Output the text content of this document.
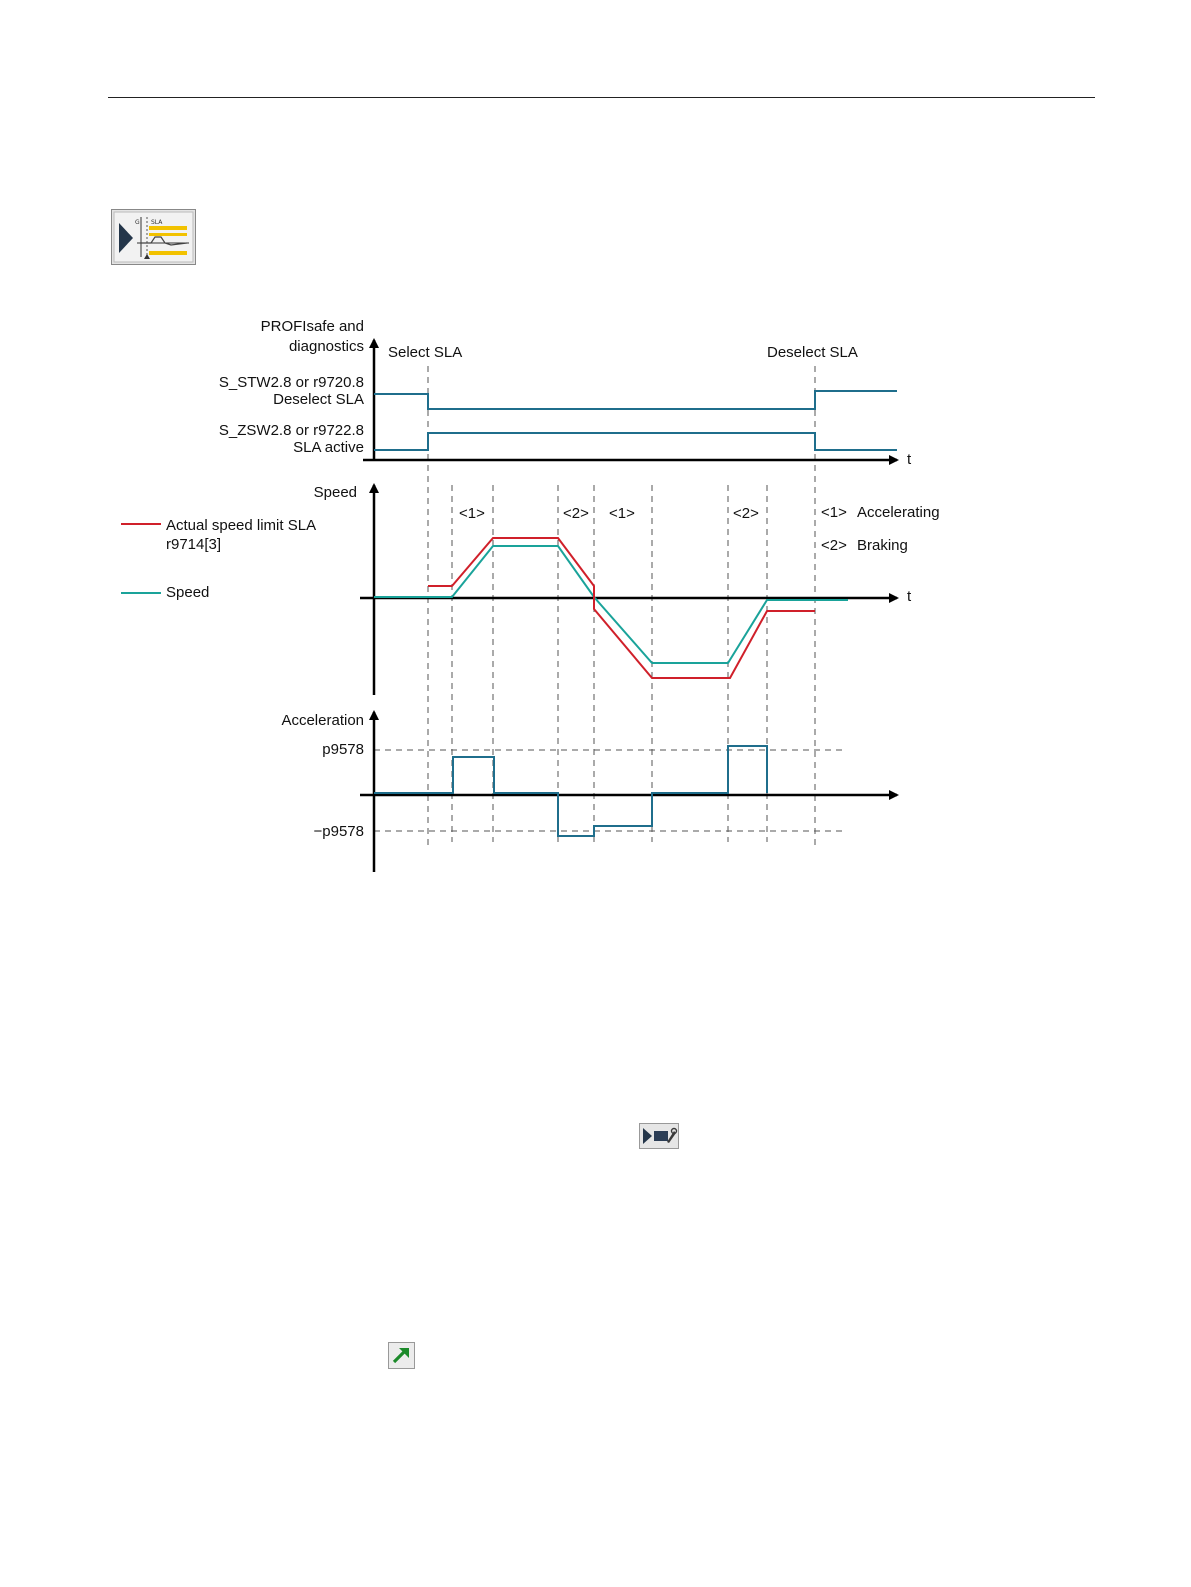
SLA
G
PROFIsafe and
diagnostics Select SLA	Deselect SLA
S_STW2.8 or r9720.8
Deselect SLA
S_ZSW2.8 or r9722.8
SLA active
t
Speed
<1>	<2> <1>	<2>
t
Actual speed limit SLA
r9714[3]
Speed
<1> Accelerating
<2> Braking
Acceleration
p9578
−p9578
